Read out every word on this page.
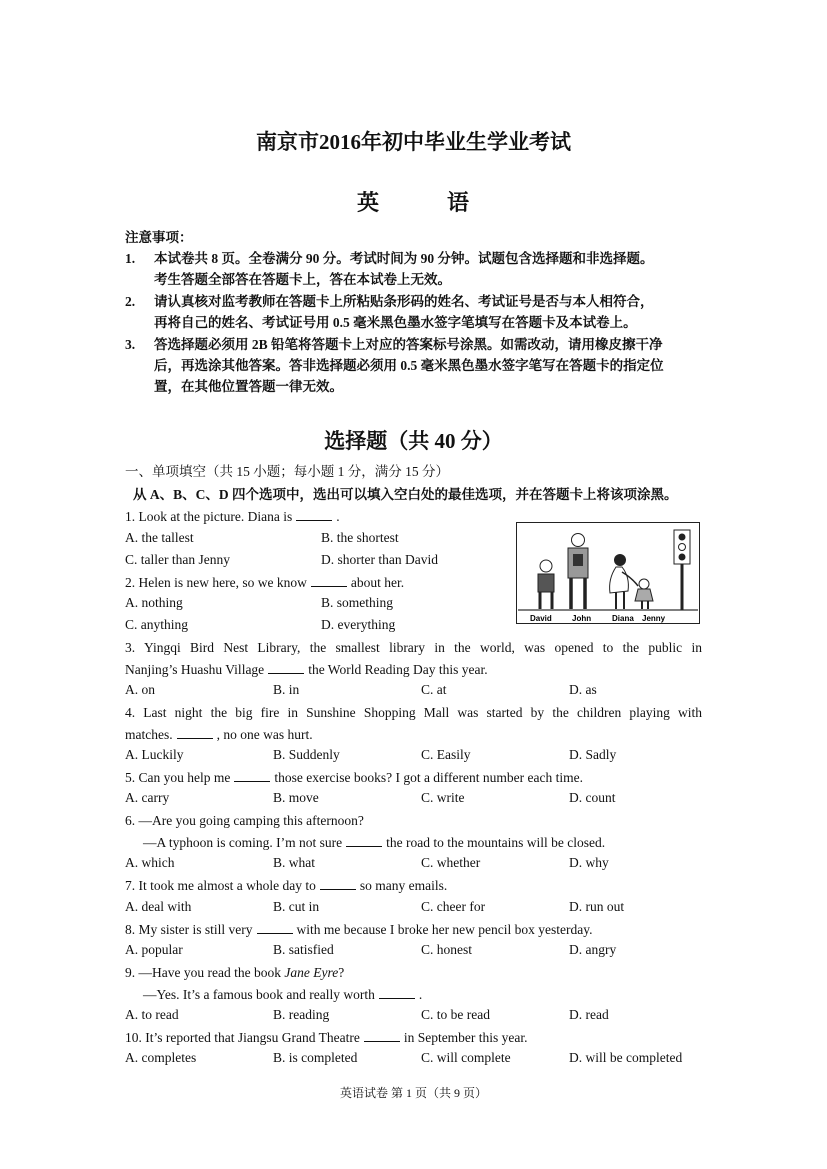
南京市2016年初中毕业生学业考试
英	语
注意事项：
1. 本试卷共 8 页。全卷满分 90 分。考试时间为 90 分钟。试题包含选择题和非选择题。
考生答题全部答在答题卡上，答在本试卷上无效。
2. 请认真核对监考教师在答题卡上所粘贴条形码的姓名、考试证号是否与本人相符合，
再将自己的姓名、考试证号用 0.5 毫米黑色墨水签字笔填写在答题卡及本试卷上。
3. 答选择题必须用 2B 铅笔将答题卡上对应的答案标号涂黑。如需改动，请用橡皮擦干净
后，再选涂其他答案。答非选择题必须用 0.5 毫米黑色墨水签字笔写在答题卡的指定位
置，在其他位置答题一律无效。
选择题（共 40 分）
一、单项填空（共 15 小题；每小题 1 分，满分 15 分）
从 A、B、C、D 四个选项中，选出可以填入空白处的最佳选项，并在答题卡上将该项涂黑。
1. Look at the picture. Diana is	.
A. the tallest	B. the shortest
C. taller than Jenny	D. shorter than David
David	John	Diana Jenny
2. Helen is new here, so we know	about her.
A. nothing	B. something
C. anything	D. everything
3. Yingqi Bird Nest Library, the smallest library in the world, was opened to the public in
Nanjing’s Huashu Village	the World Reading Day this year.
A. on	B. in	C. at	D. as
4. Last night the big fire in Sunshine Shopping Mall was started by the children playing with
matches.	, no one was hurt.
A. Luckily	B. Suddenly	C. Easily	D. Sadly
5. Can you help me	those exercise books? I got a different number each time.
A. carry	B. move	C. write	D. count
6. —Are you going camping this afternoon?
—A typhoon is coming. I’m not sure	the road to the mountains will be closed.
A. which	B. what	C. whether	D. why
7. It took me almost a whole day to	so many emails.
A. deal with	B. cut in	C. cheer for	D. run out
8. My sister is still very	with me because I broke her new pencil box yesterday.
A. popular	B. satisfied	C. honest	D. angry
9. —Have you read the book Jane Eyre?
—Yes. It’s a famous book and really worth	.
A. to read	B. reading	C. to be read	D. read
10. It’s reported that Jiangsu Grand Theatre	in September this year.
A. completes	B. is completed	C. will complete	D. will be completed
英语试卷 第 1 页（共 9 页）
